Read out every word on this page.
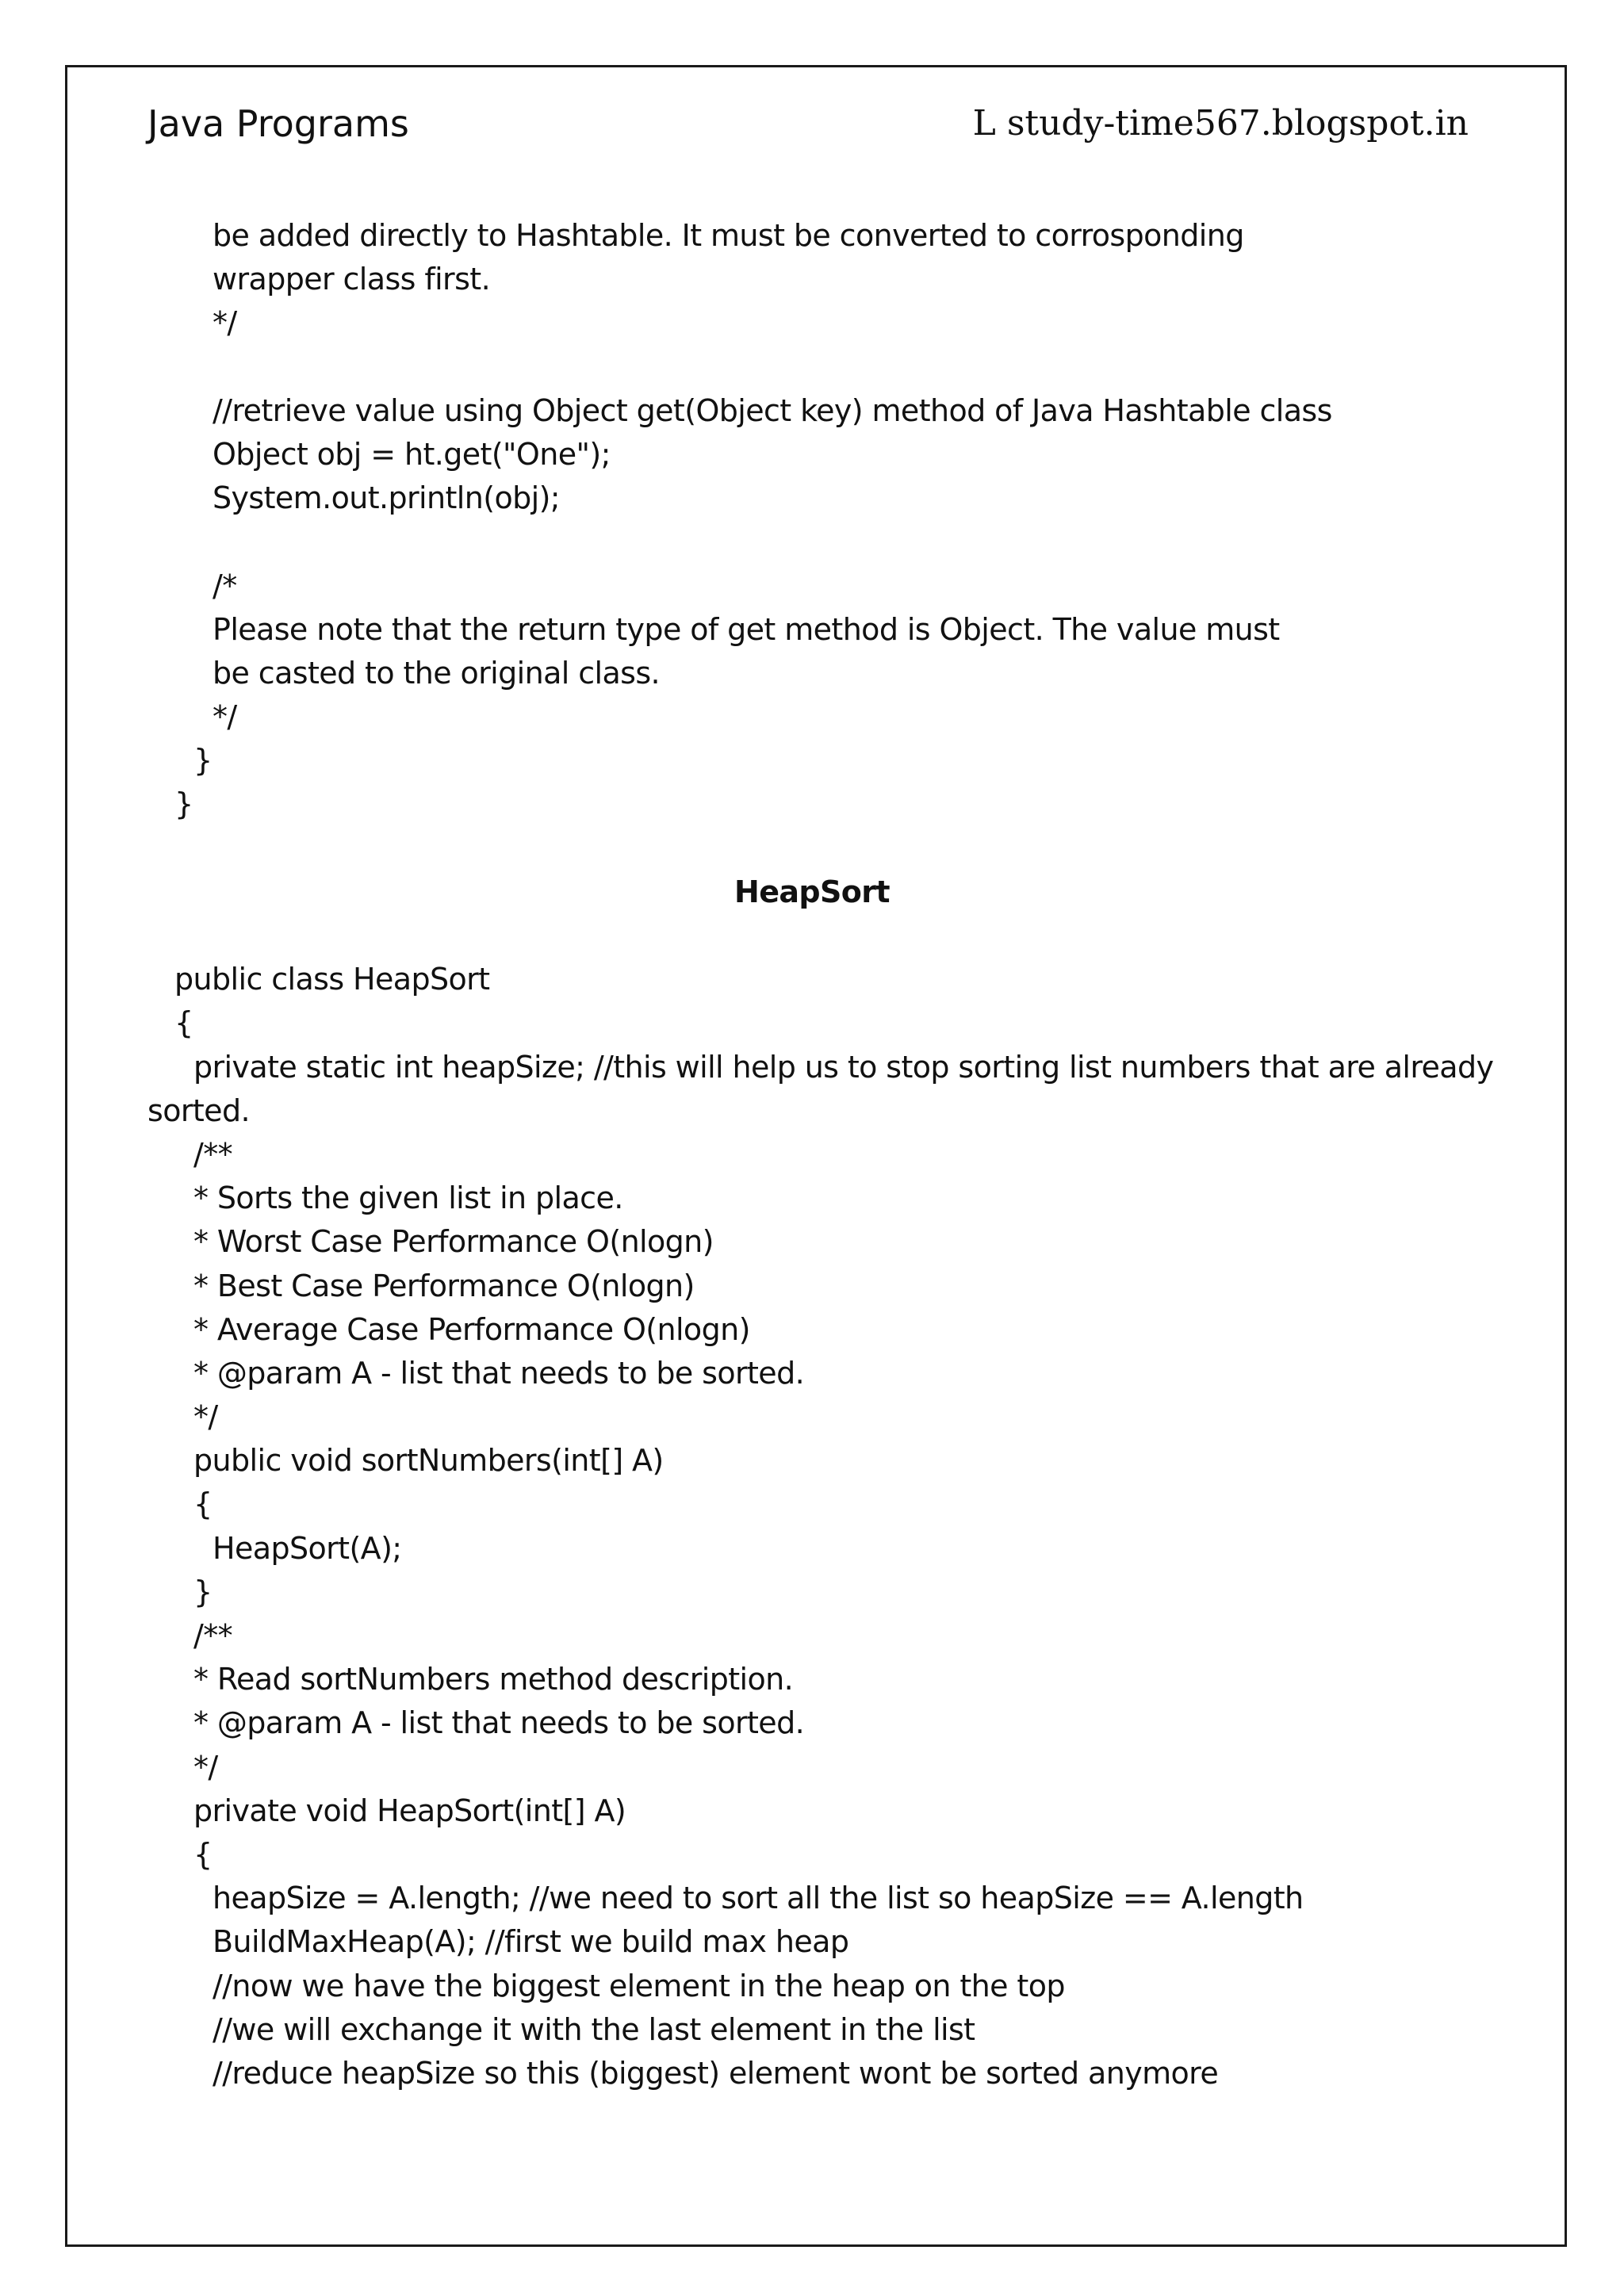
Java Programs	L study-time567.blogspot.in
be added directly to Hashtable. It must be converted to corrosponding
wrapper class first.
*/
//retrieve value using Object get(Object key) method of Java Hashtable class
Object obj = ht.get("One");
System.out.println(obj);
/*
Please note that the return type of get method is Object. The value must
be casted to the original class.
*/
}
}
HeapSort
public class HeapSort
{
private static int heapSize; //this will help us to stop sorting list numbers that are already
sorted.
/**
* Sorts the given list in place.
* Worst Case Performance O(nlogn)
* Best Case Performance O(nlogn)
* Average Case Performance O(nlogn)
* @param A - list that needs to be sorted.
*/
public void sortNumbers(int[] A)
{
HeapSort(A);
}
/**
* Read sortNumbers method description.
* @param A - list that needs to be sorted.
*/
private void HeapSort(int[] A)
{
heapSize = A.length; //we need to sort all the list so heapSize == A.length
BuildMaxHeap(A); //first we build max heap
//now we have the biggest element in the heap on the top
//we will exchange it with the last element in the list
//reduce heapSize so this (biggest) element wont be sorted anymore
